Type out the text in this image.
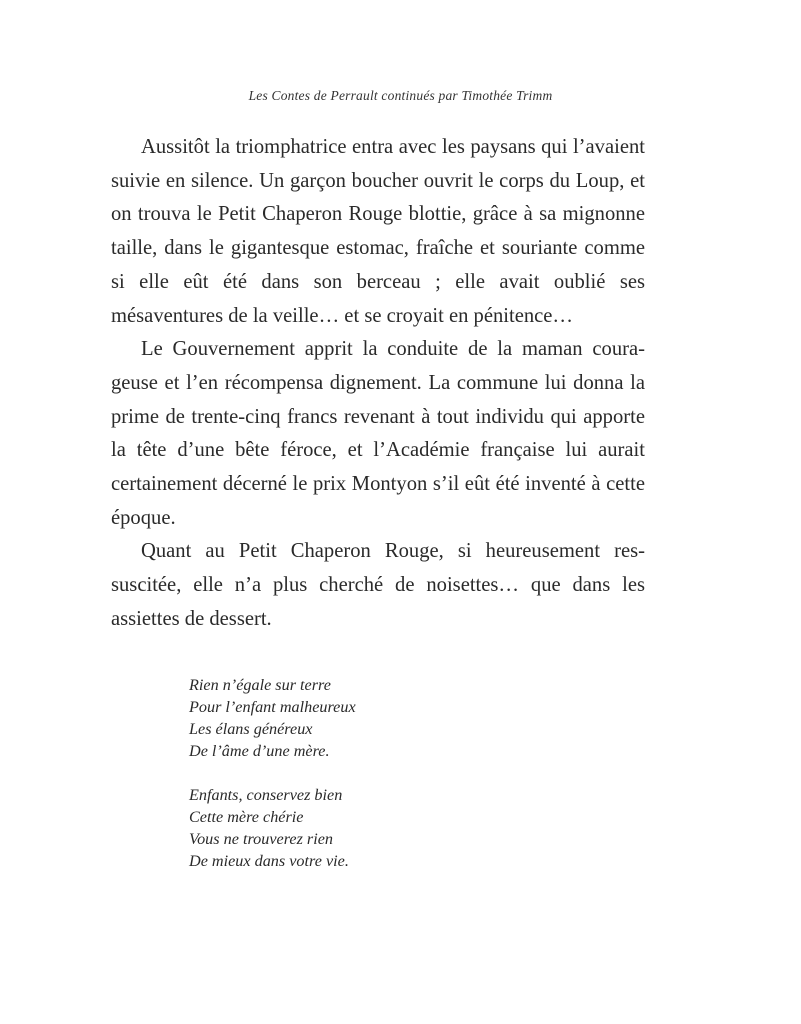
Les Contes de Perrault continués par Timothée Trimm

Aussitôt la triomphatrice entra avec les paysans qui l’avaient suivie en silence. Un garçon boucher ouvrit le corps du Loup, et on trouva le Petit Chaperon Rouge blottie, grâce à sa mignonne taille, dans le gigantesque estomac, fraîche et souriante comme si elle eût été dans son berceau ; elle avait oublié ses mésaventures de la veille… et se croyait en pénitence…

Le Gouvernement apprit la conduite de la maman courageuse et l’en récompensa dignement. La commune lui donna la prime de trente-cinq francs revenant à tout individu qui apporte la tête d’une bête féroce, et l’Académie française lui aurait certainement décerné le prix Montyon s’il eût été inventé à cette époque.

Quant au Petit Chaperon Rouge, si heureusement ressuscitée, elle n’a plus cherché de noisettes… que dans les assiettes de dessert.

Rien n’égale sur terre
Pour l’enfant malheureux
Les élans généreux
De l’âme d’une mère.
Enfants, conservez bien
Cette mère chérie
Vous ne trouverez rien
De mieux dans votre vie.
